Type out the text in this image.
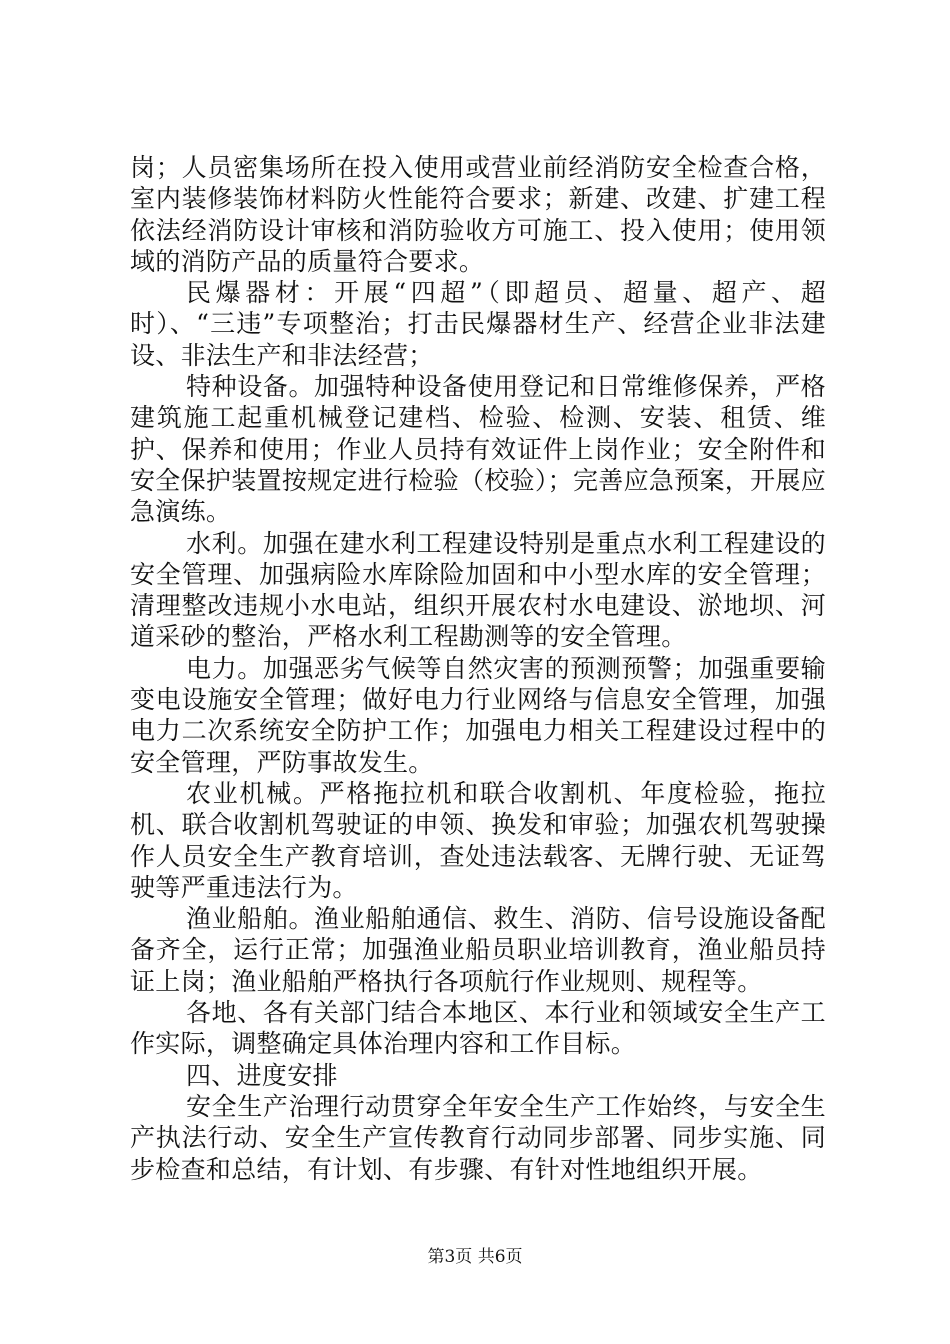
岗；人员密集场所在投入使用或营业前经消防安全检查合格，室内装修装饰材料防火性能符合要求；新建、改建、扩建工程依法经消防设计审核和消防验收方可施工、投入使用；使用领域的消防产品的质量符合要求。

民爆器材：开展“四超”（即超员、超量、超产、超时）、“三违”专项整治；打击民爆器材生产、经营企业非法建设、非法生产和非法经营；

特种设备。加强特种设备使用登记和日常维修保养，严格建筑施工起重机械登记建档、检验、检测、安装、租赁、维护、保养和使用；作业人员持有效证件上岗作业；安全附件和安全保护装置按规定进行检验（校验）；完善应急预案，开展应急演练。

水利。加强在建水利工程建设特别是重点水利工程建设的安全管理、加强病险水库除险加固和中小型水库的安全管理；清理整改违规小水电站，组织开展农村水电建设、淤地坝、河道采砂的整治，严格水利工程勘测等的安全管理。

电力。加强恶劣气候等自然灾害的预测预警；加强重要输变电设施安全管理；做好电力行业网络与信息安全管理，加强电力二次系统安全防护工作；加强电力相关工程建设过程中的安全管理，严防事故发生。

农业机械。严格拖拉机和联合收割机、年度检验，拖拉机、联合收割机驾驶证的申领、换发和审验；加强农机驾驶操作人员安全生产教育培训，查处违法载客、无牌行驶、无证驾驶等严重违法行为。

渔业船舶。渔业船舶通信、救生、消防、信号设施设备配备齐全，运行正常；加强渔业船员职业培训教育，渔业船员持证上岗；渔业船舶严格执行各项航行作业规则、规程等。

各地、各有关部门结合本地区、本行业和领域安全生产工作实际，调整确定具体治理内容和工作目标。

四、进度安排

安全生产治理行动贯穿全年安全生产工作始终，与安全生产执法行动、安全生产宣传教育行动同步部署、同步实施、同步检查和总结，有计划、有步骤、有针对性地组织开展。

第3页 共6页
